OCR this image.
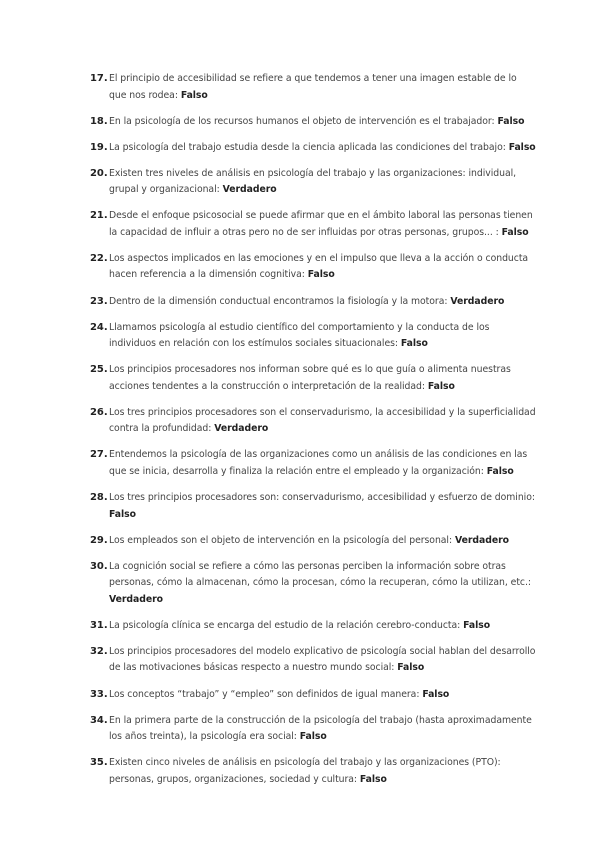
17. El principio de accesibilidad se refiere a que tendemos a tener una imagen estable de lo que nos rodea: Falso
18. En la psicología de los recursos humanos el objeto de intervención es el trabajador: Falso
19. La psicología del trabajo estudia desde la ciencia aplicada las condiciones del trabajo: Falso
20. Existen tres niveles de análisis en psicología del trabajo y las organizaciones: individual, grupal y organizacional: Verdadero
21. Desde el enfoque psicosocial se puede afirmar que en el ámbito laboral las personas tienen la capacidad de influir a otras pero no de ser influidas por otras personas, grupos... : Falso
22. Los aspectos implicados en las emociones y en el impulso que lleva a la acción o conducta hacen referencia a la dimensión cognitiva: Falso
23. Dentro de la dimensión conductual encontramos la fisiología y la motora: Verdadero
24. Llamamos psicología al estudio científico del comportamiento y la conducta de los individuos en relación con los estímulos sociales situacionales: Falso
25. Los principios procesadores nos informan sobre qué es lo que guía o alimenta nuestras acciones tendentes a la construcción o interpretación de la realidad: Falso
26. Los tres principios procesadores son el conservadurismo, la accesibilidad y la superficialidad contra la profundidad: Verdadero
27. Entendemos la psicología de las organizaciones como un análisis de las condiciones en las que se inicia, desarrolla y finaliza la relación entre el empleado y la organización: Falso
28. Los tres principios procesadores son: conservadurismo, accesibilidad y esfuerzo de dominio: Falso
29. Los empleados son el objeto de intervención en la psicología del personal: Verdadero
30. La cognición social se refiere a cómo las personas perciben la información sobre otras personas, cómo la almacenan, cómo la procesan, cómo la recuperan, cómo la utilizan, etc.: Verdadero
31. La psicología clínica se encarga del estudio de la relación cerebro-conducta: Falso
32. Los principios procesadores del modelo explicativo de psicología social hablan del desarrollo de las motivaciones básicas respecto a nuestro mundo social: Falso
33. Los conceptos “trabajo” y “empleo” son definidos de igual manera: Falso
34. En la primera parte de la construcción de la psicología del trabajo (hasta aproximadamente los años treinta), la psicología era social: Falso
35. Existen cinco niveles de análisis en psicología del trabajo y las organizaciones (PTO): personas, grupos, organizaciones, sociedad y cultura: Falso
